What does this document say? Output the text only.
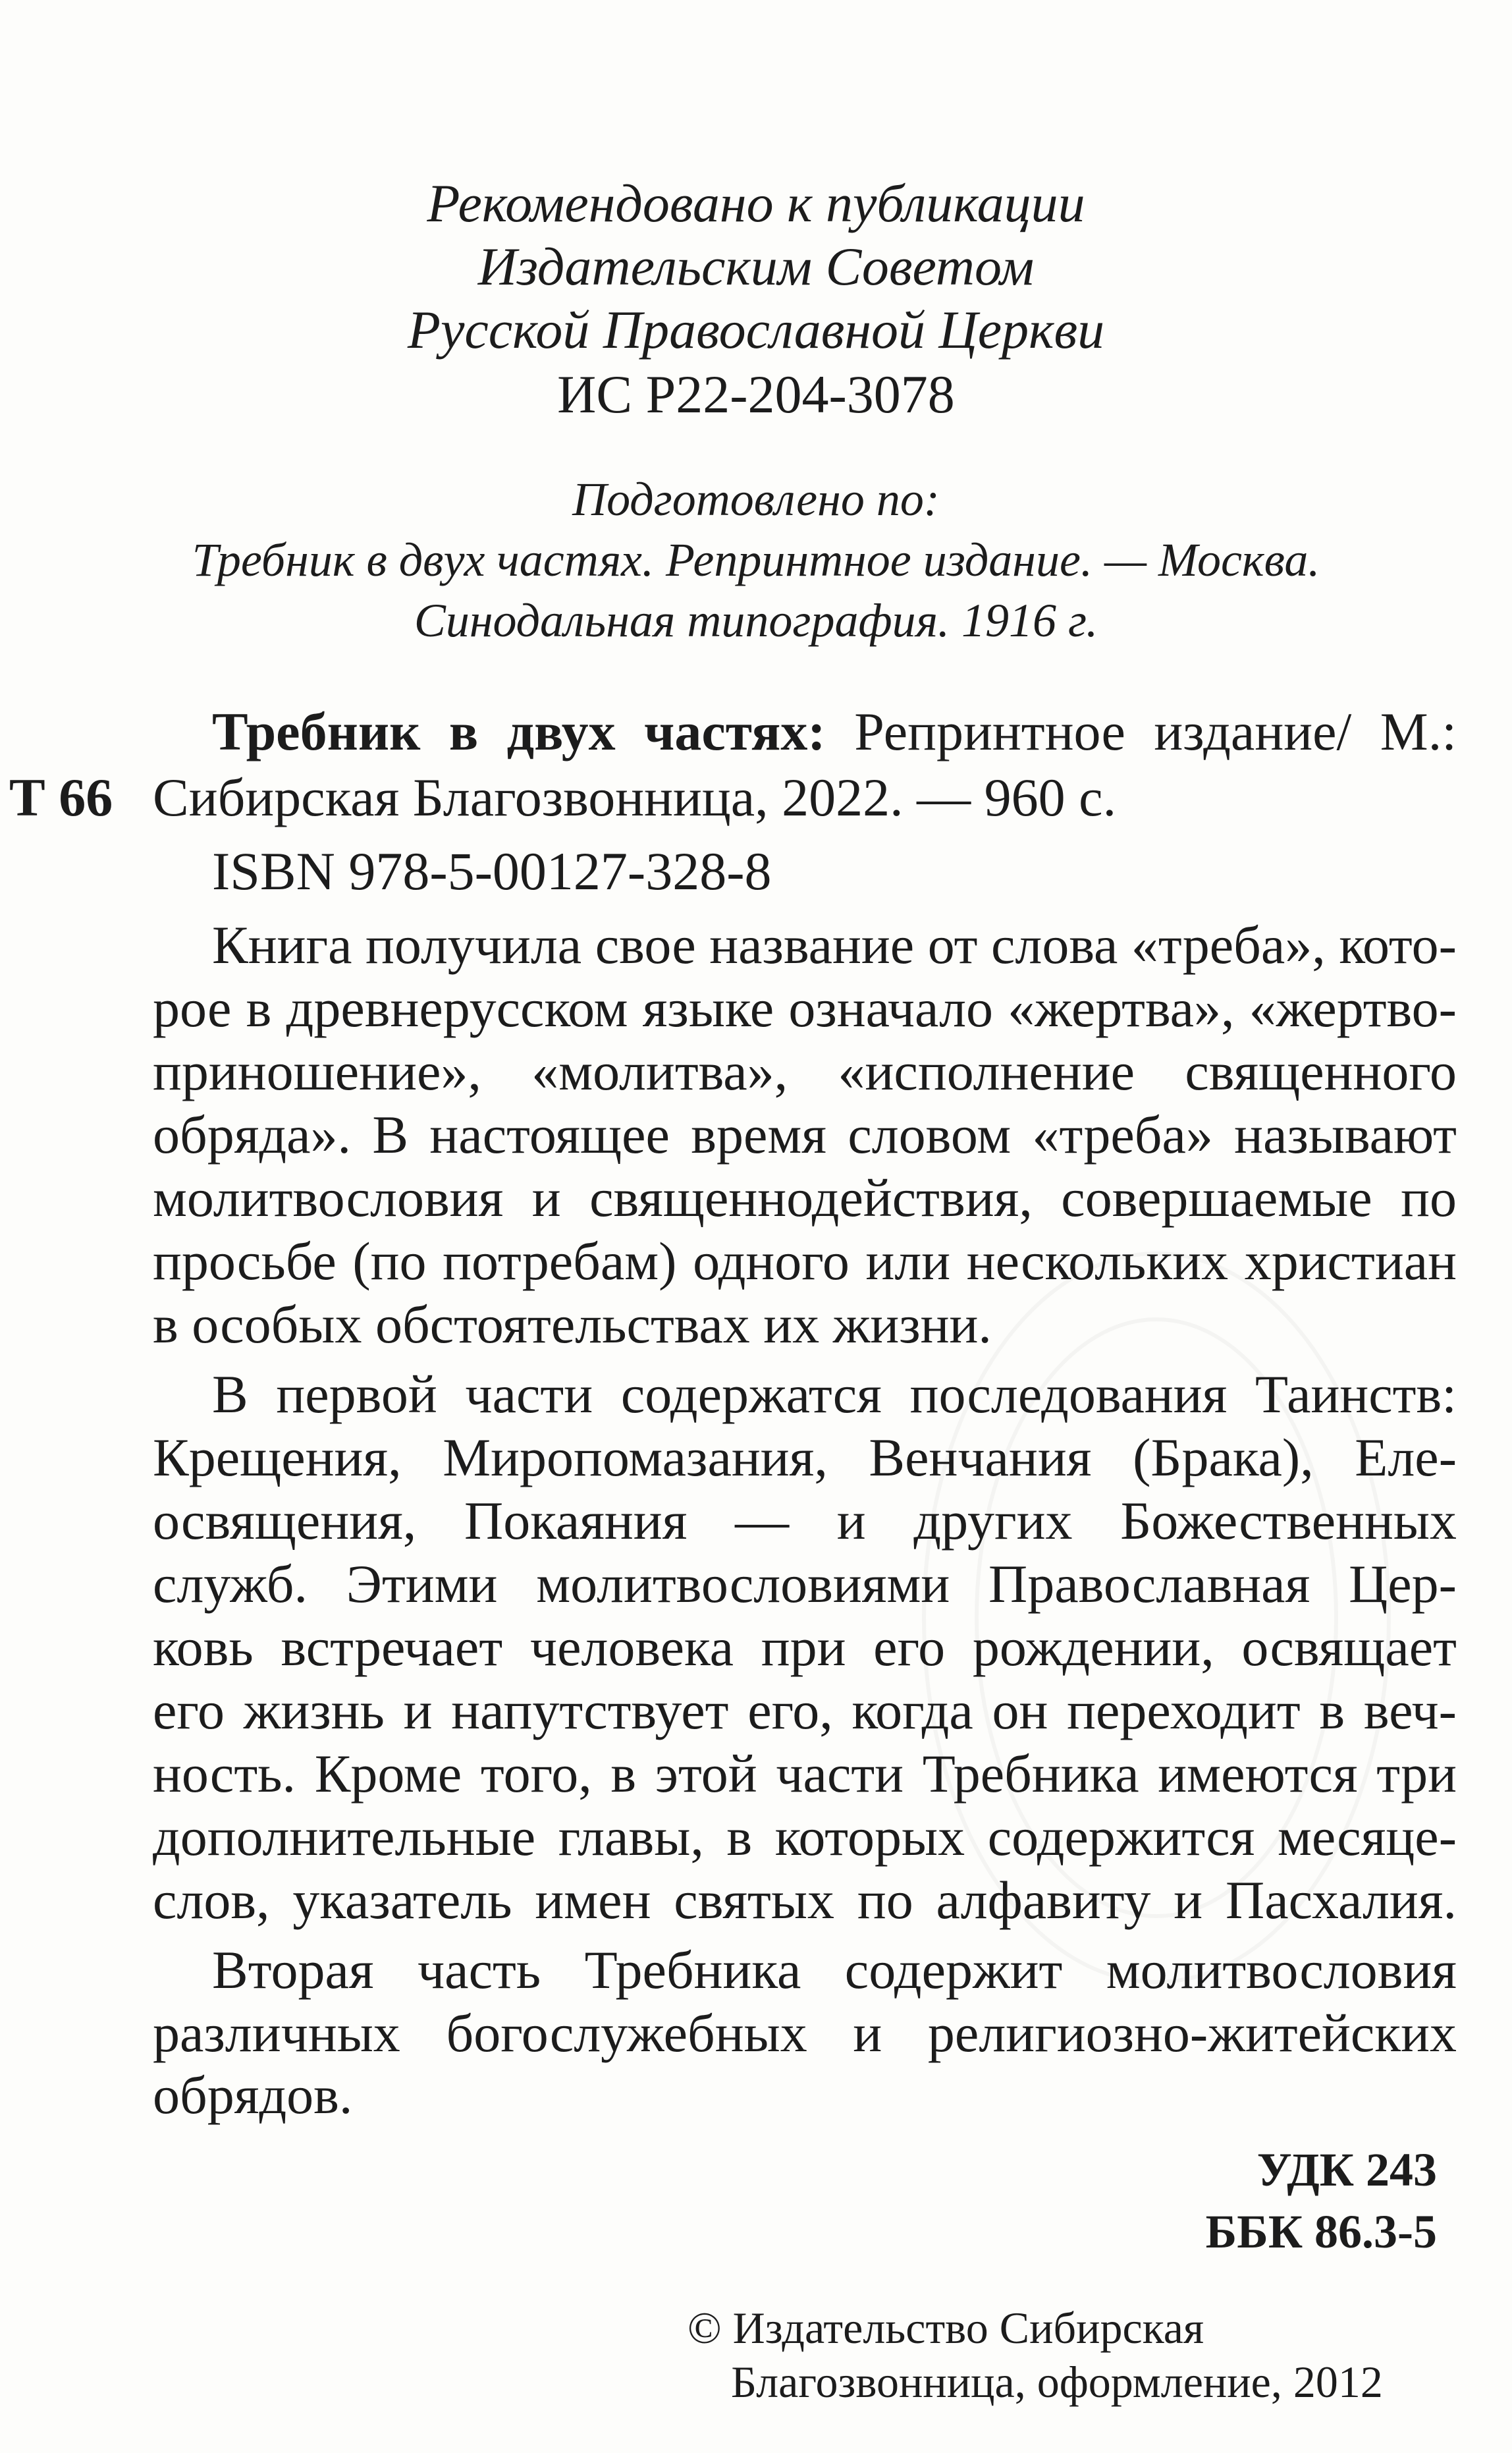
Рекомендовано к публикации
Издательским Советом
Русской Православной Церкви
ИС Р22-204-3078
Подготовлено по:
Требник в двух частях. Репринтное издание. — Москва.
Синодальная типография. 1916 г.
Требник в двух частях: Репринтное издание/ М.:
Т 66 Сибирская Благозвонница, 2022. — 960 с.
ISBN 978-5-00127-328-8
Книга получила свое название от слова «треба», кото-
рое в древнерусском языке означало «жертва», «жертво-
приношение», «молитва», «исполнение священного
обряда». В настоящее время словом «треба» называют
молитвословия и священнодействия, совершаемые по
просьбе (по потребам) одного или нескольких христиан
в особых обстоятельствах их жизни.
В первой части содержатся последования Таинств:
Крещения, Миропомазания, Венчания (Брака), Еле-
освящения, Покаяния — и других Божественных
служб. Этими молитвословиями Православная Цер-
ковь встречает человека при его рождении, освящает
его жизнь и напутствует его, когда он переходит в веч-
ность. Кроме того, в этой части Требника имеются три
дополнительные главы, в которых содержится месяце-
слов, указатель имен святых по алфавиту и Пасхалия.
Вторая часть Требника содержит молитвословия
различных богослужебных и религиозно-житейских
обрядов.
УДК 243
ББК 86.3-5
© Издательство Сибирская
Благозвонница, оформление, 2012
